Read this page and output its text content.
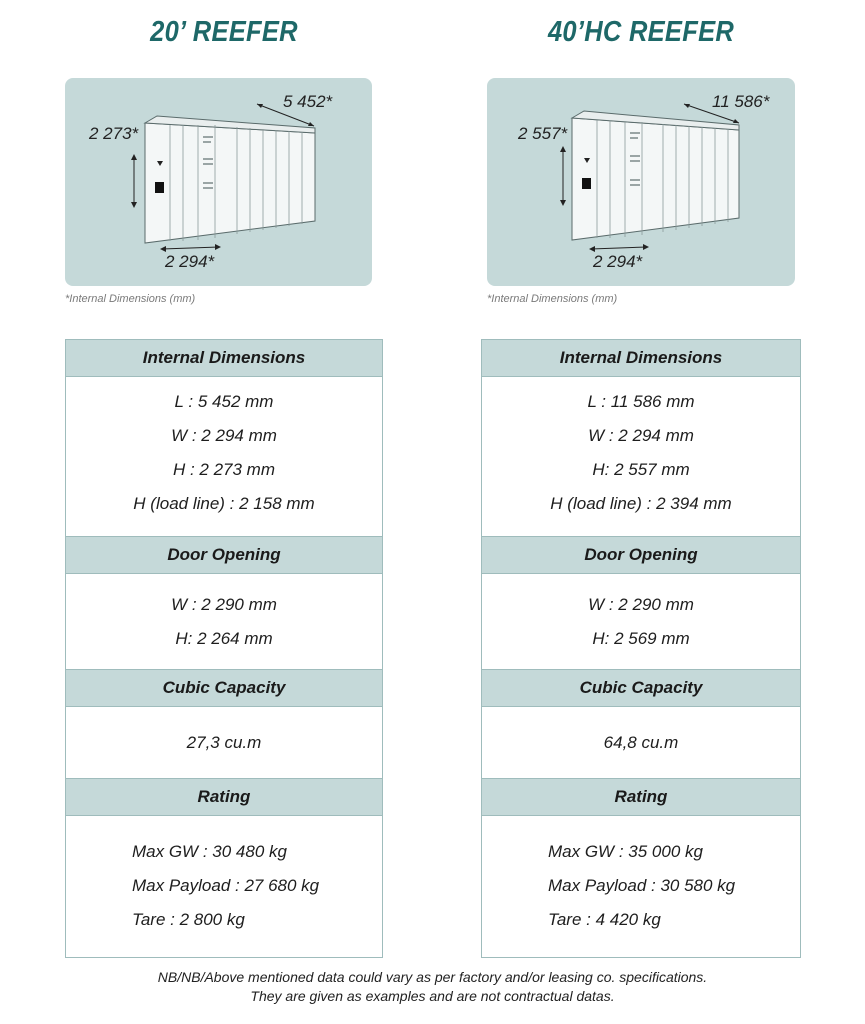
20’ REEFER
5 452*
2 273*
2 294*
*Internal Dimensions (mm)
Internal Dimensions
L : 5 452 mm
W : 2 294 mm
H : 2 273 mm
H (load line) : 2 158 mm
Door Opening
W : 2 290 mm
H: 2 264 mm
Cubic Capacity
27,3 cu.m
Rating
Max GW : 30 480 kg
Max Payload : 27 680 kg
Tare : 2 800 kg
40’HC REEFER
11 586*
2 557*
2 294*
*Internal Dimensions (mm)
Internal Dimensions
L : 11 586 mm
W : 2 294 mm
H: 2 557 mm
H (load line) : 2 394 mm
Door Opening
W : 2 290 mm
H: 2 569 mm
Cubic Capacity
64,8 cu.m
Rating
Max GW : 35 000 kg
Max Payload : 30 580 kg
Tare : 4 420 kg
NB/NB/Above mentioned data could vary as per factory and/or leasing co. specifications.
They are given as examples and are not contractual datas.
